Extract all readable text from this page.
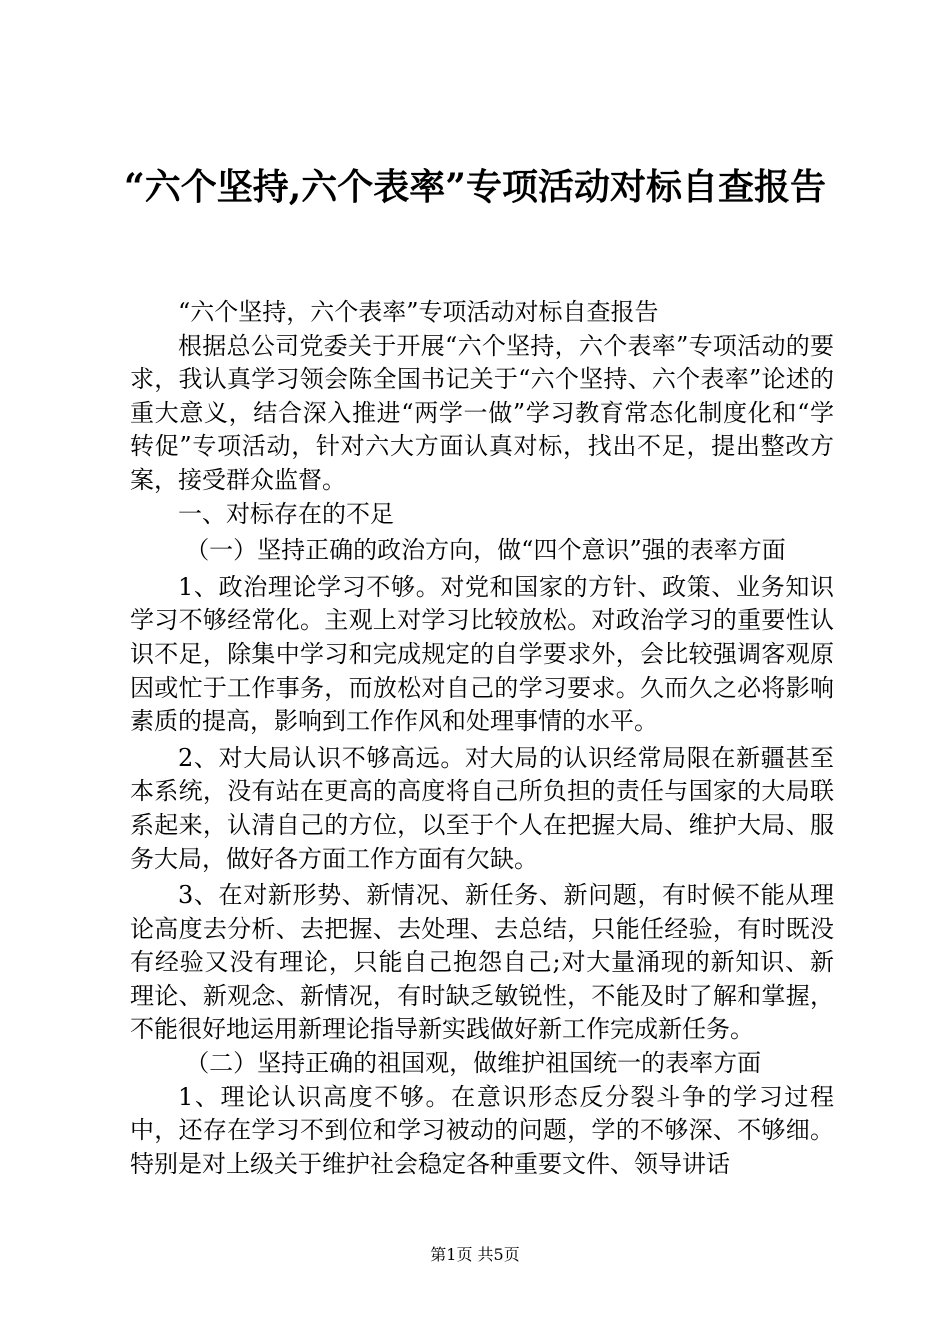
“六个坚持,六个表率”专项活动对标自查报告

“六个坚持，六个表率”专项活动对标自查报告

根据总公司党委关于开展“六个坚持，六个表率”专项活动的要求，我认真学习领会陈全国书记关于“六个坚持、六个表率”论述的重大意义，结合深入推进“两学一做”学习教育常态化制度化和“学转促”专项活动，针对六大方面认真对标，找出不足，提出整改方案，接受群众监督。

一、对标存在的不足

（一）坚持正确的政治方向，做“四个意识”强的表率方面

1、政治理论学习不够。对党和国家的方针、政策、业务知识学习不够经常化。主观上对学习比较放松。对政治学习的重要性认识不足，除集中学习和完成规定的自学要求外，会比较强调客观原因或忙于工作事务，而放松对自己的学习要求。久而久之必将影响素质的提高，影响到工作作风和处理事情的水平。

2、对大局认识不够高远。对大局的认识经常局限在新疆甚至本系统，没有站在更高的高度将自己所负担的责任与国家的大局联系起来，认清自己的方位，以至于个人在把握大局、维护大局、服务大局，做好各方面工作方面有欠缺。

3、在对新形势、新情况、新任务、新问题，有时候不能从理论高度去分析、去把握、去处理、去总结，只能任经验，有时既没有经验又没有理论，只能自己抱怨自己;对大量涌现的新知识、新理论、新观念、新情况，有时缺乏敏锐性，不能及时了解和掌握，不能很好地运用新理论指导新实践做好新工作完成新任务。

（二）坚持正确的祖国观，做维护祖国统一的表率方面

1、理论认识高度不够。在意识形态反分裂斗争的学习过程中，还存在学习不到位和学习被动的问题，学的不够深、不够细。特别是对上级关于维护社会稳定各种重要文件、领导讲话

第1页 共5页
